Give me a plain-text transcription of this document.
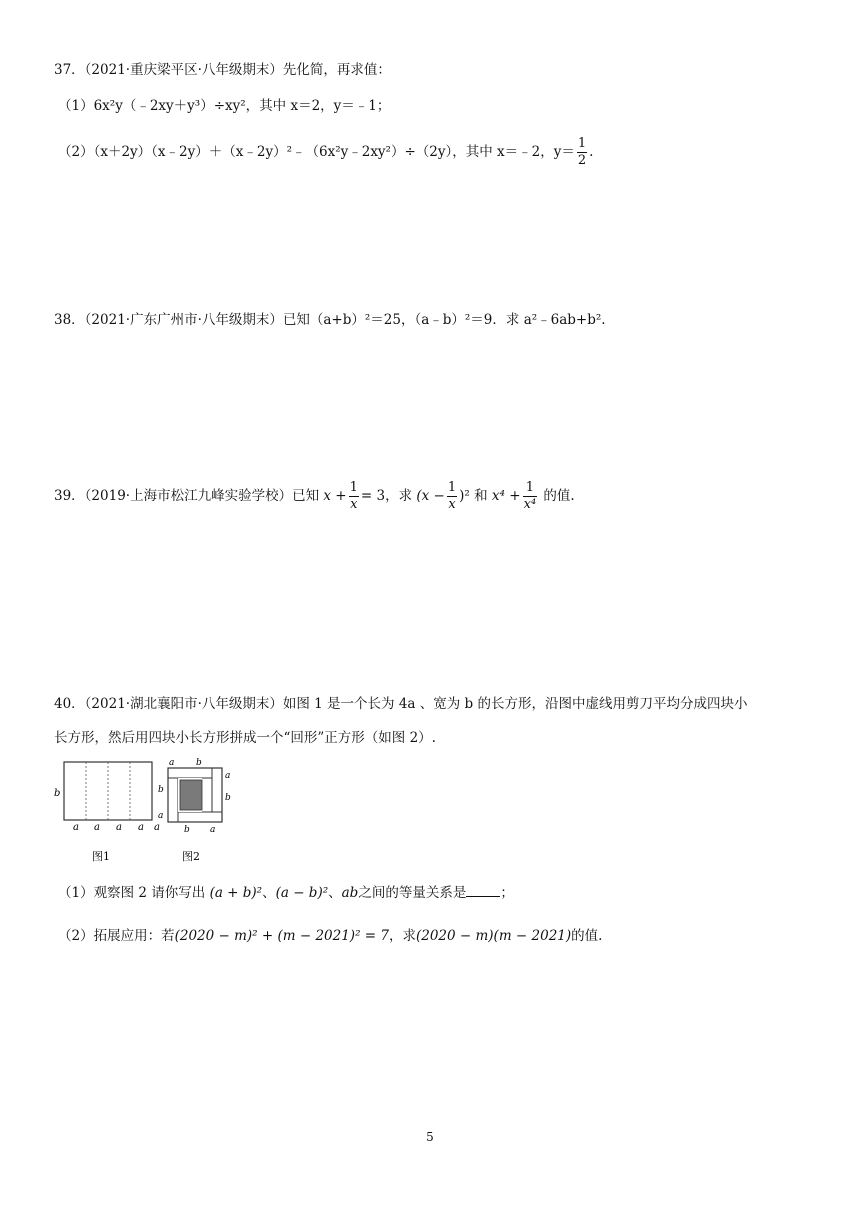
37．（2021·重庆梁平区·八年级期末）先化简，再求值：
（1）6x²y（﹣2xy＋y³）÷xy²，其中 x＝2，y＝﹣1；
（2）（x＋2y）（x﹣2y）＋（x﹣2y）²﹣（6x²y﹣2xy²）÷（2y），其中 x＝﹣2，$y= \frac{1}{2}$ .
38．（2021·广东广州市·八年级期末）已知（a+b）²＝25，（a﹣b）²＝9．求 a²﹣6ab+b².
39．（2019·上海市松江九峰实验学校）已知 $x + \frac{1}{x} = 3$，求 $(x - \frac{1}{x} )^2$ 和 $x^4 + \frac{1}{\text{x⁴}}$ 的值.
40．（2021·湖北襄阳市·八年级期末）如图 1 是一个长为 4a 、宽为 b 的长方形，沿图中虚线用剪刀平均分成四块小
长方形，然后用四块小长方形拼成一个“回形”正方形（如图 2）.
b
a a a a a
图1
a b
a
b
b
a
b a
图2
（1）观察图 2 请你写出 (a + b)²、(a − b)²、ab之间的等量关系是	；
（2）拓展应用：若(2020 − m)² + (m − 2021)² = 7，求(2020 − m)(m − 2021)的值.
5
